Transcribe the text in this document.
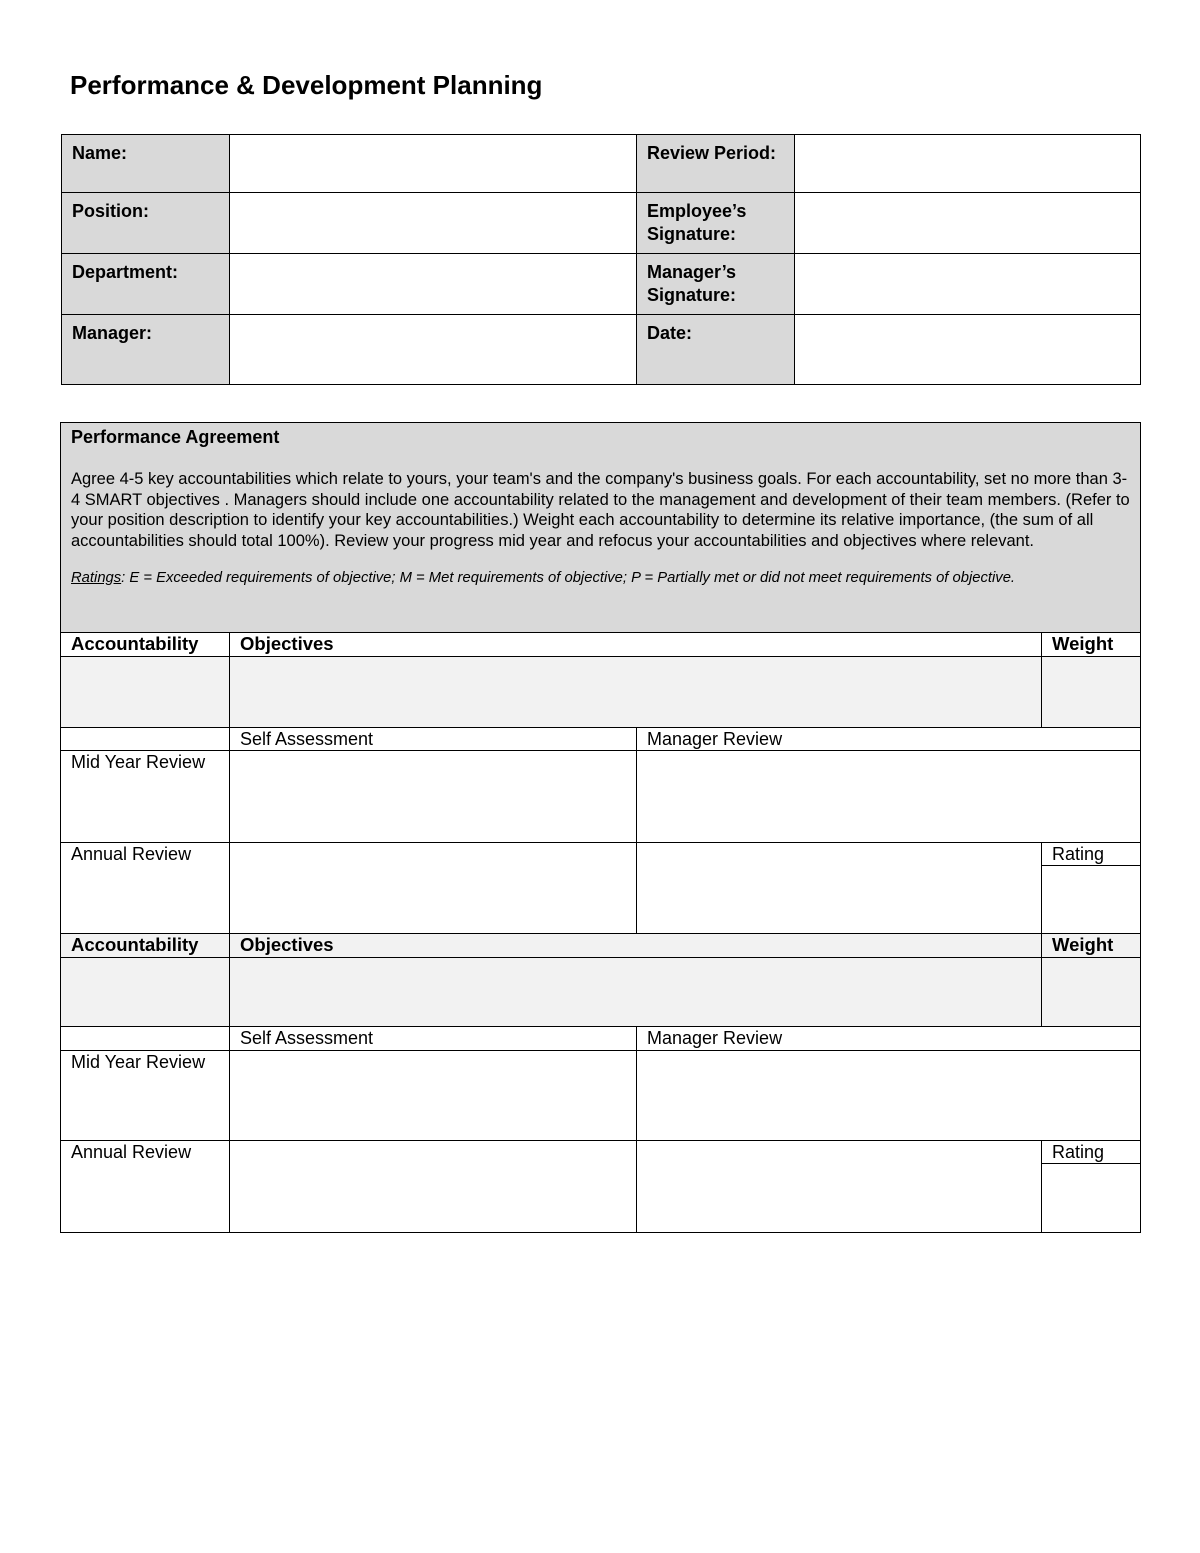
Performance & Development Planning
Name:		Review Period:	
Position:		Employee’s Signature:	
Department:		Manager’s Signature:	
Manager:		Date:	

Performance Agreement

Agree 4-5 key accountabilities which relate to yours, your team's and the company's business goals. For each accountability, set no more than 3-4 SMART objectives . Managers should include one accountability related to the management and development of their team members. (Refer to your position description to identify your key accountabilities.) Weight each accountability to determine its relative importance, (the sum of all accountabilities should total 100%). Review your progress mid year and refocus your accountabilities and objectives where relevant.

Ratings: E = Exceeded requirements of objective; M = Met requirements of objective; P = Partially met or did not meet requirements of objective.			

Accountability	Objectives		Weight

	Self Assessment	Manager Review	
Mid Year Review			
Annual Review			Rating

Accountability	Objectives		Weight

	Self Assessment	Manager Review	
Mid Year Review			
Annual Review			Rating
